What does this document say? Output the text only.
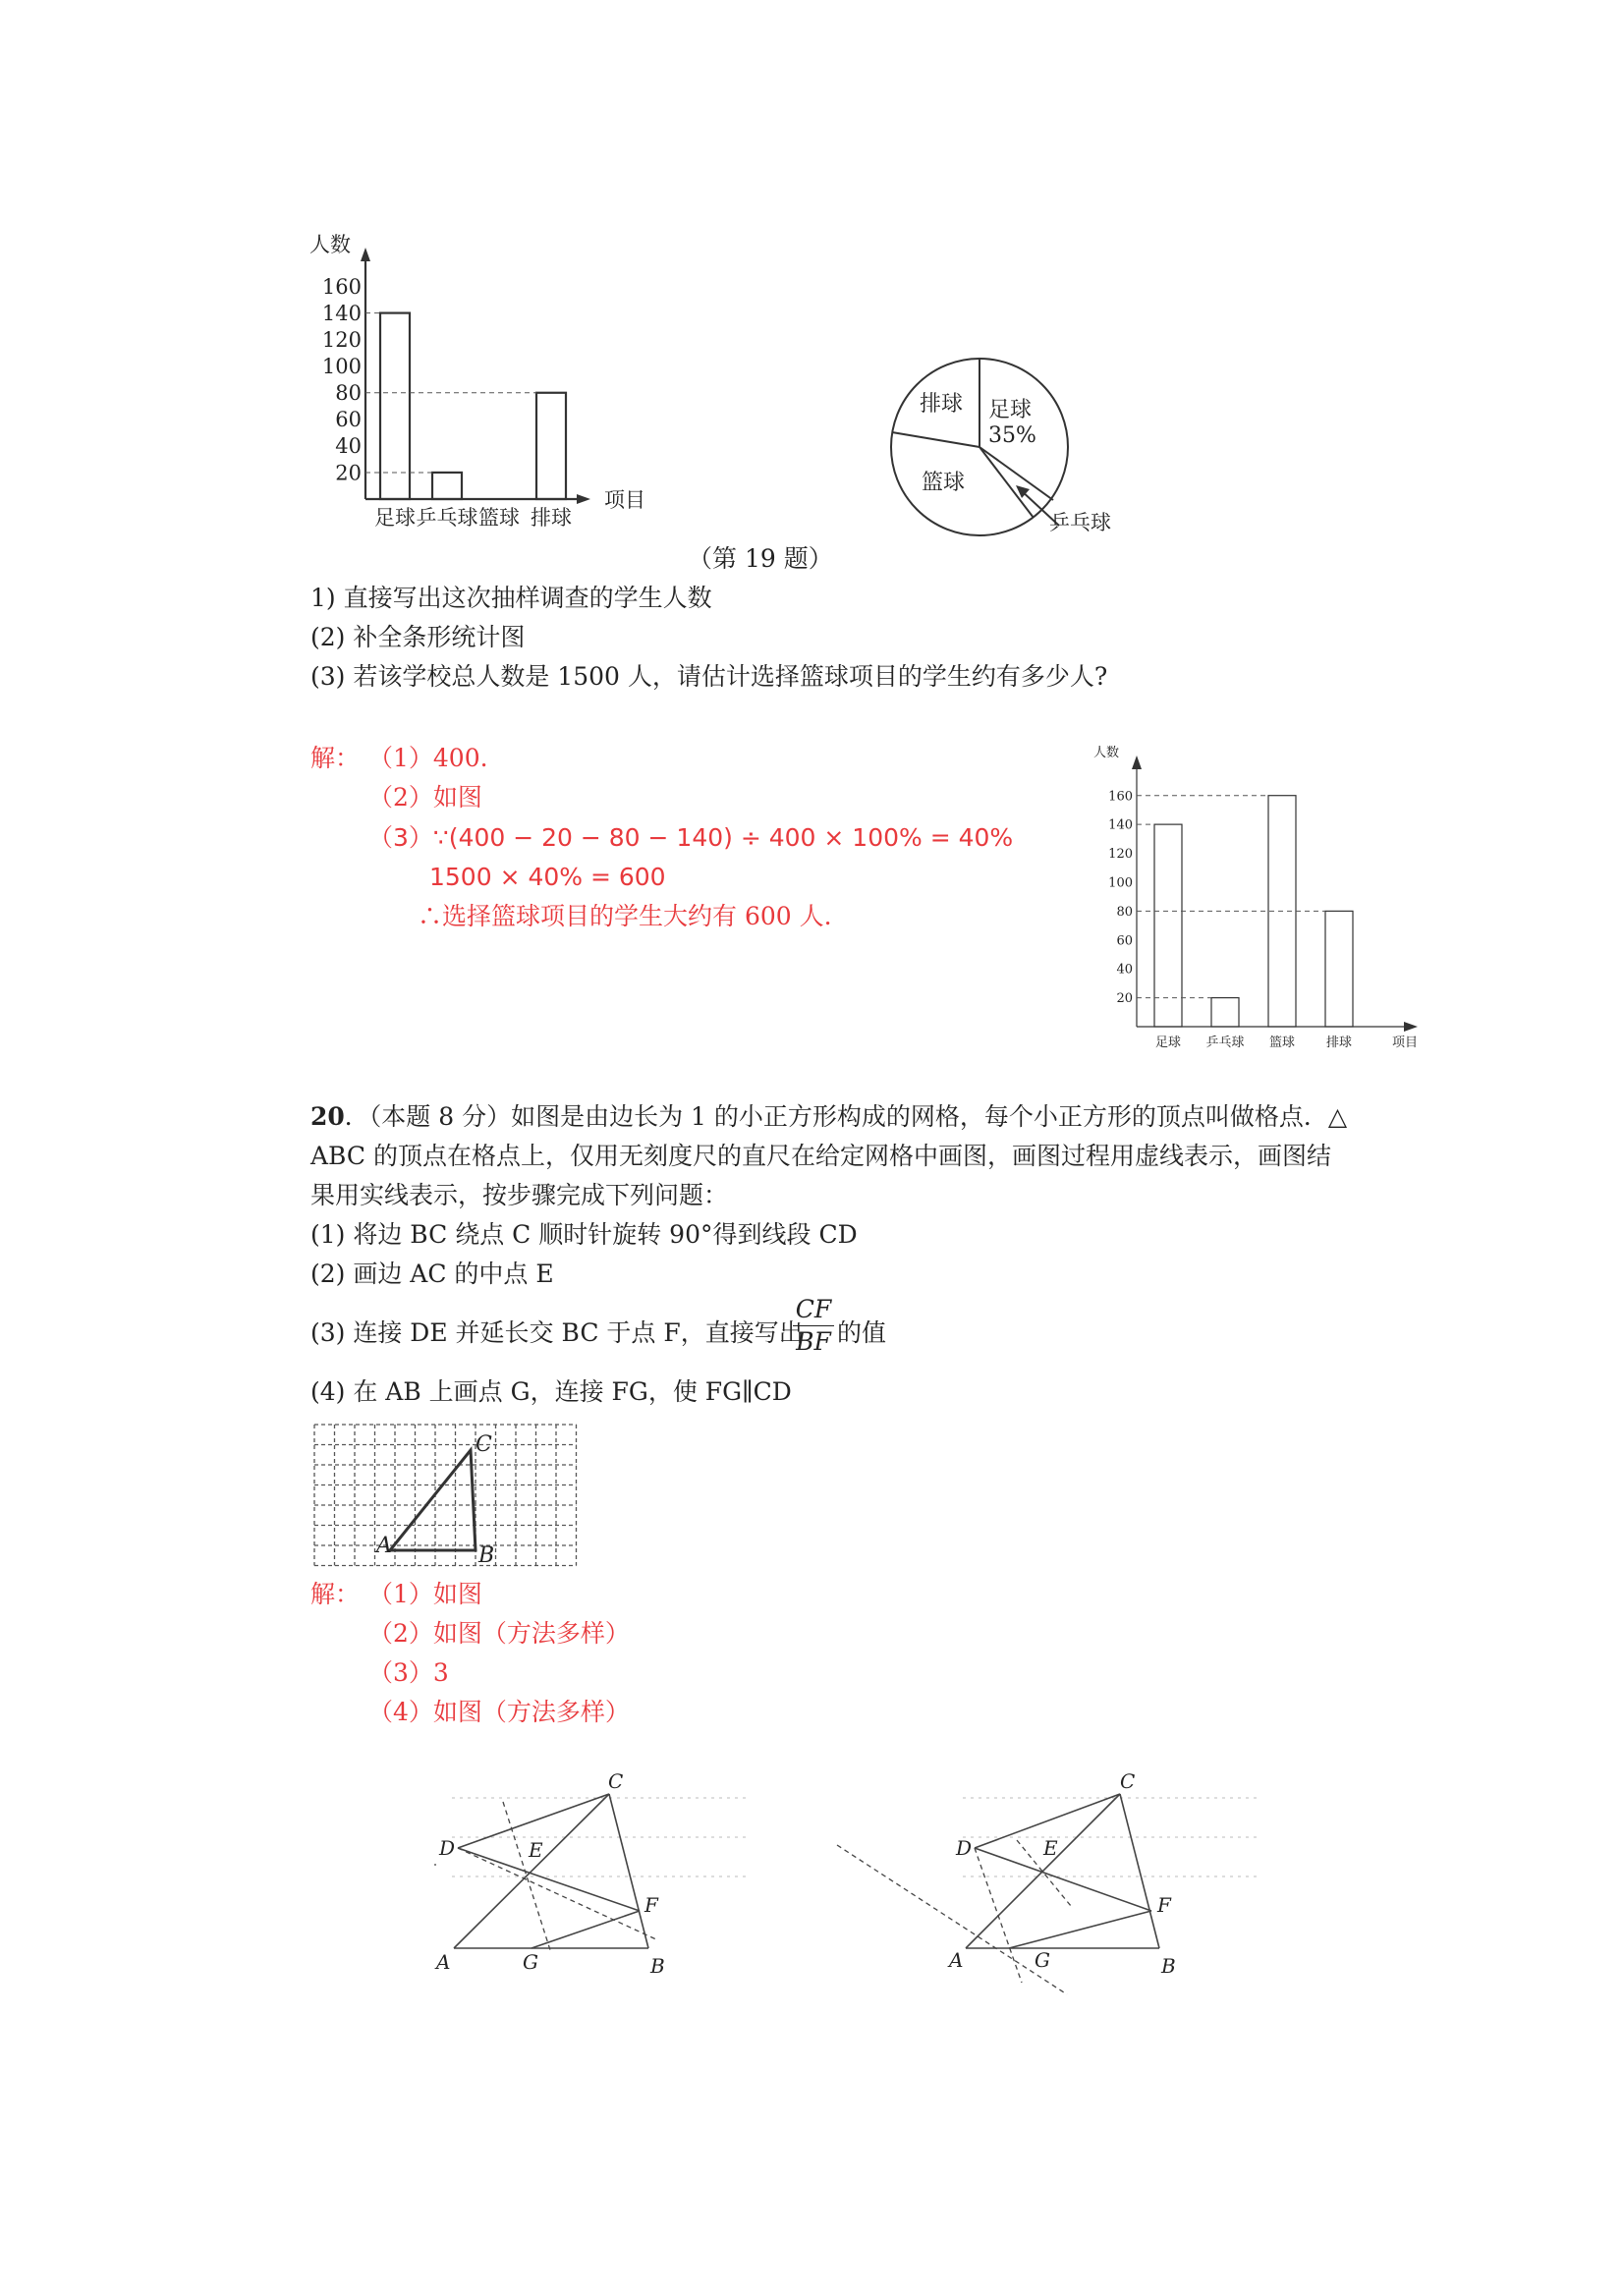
人数
项目
20
40
60
80
100
120
140
160
足球 乒乓球 篮球 排球
排球 足球
35%
篮球
乒乓球
（第 19 题）
1) 直接写出这次抽样调查的学生人数
(2) 补全条形统计图
(3) 若该学校总人数是 1500 人，请估计选择篮球项目的学生约有多少人?
解： （1）400.
（2）如图
（3）∵(400 − 20 − 80 − 140) ÷ 400 × 100% = 40%
1500 × 40% = 600
∴选择篮球项目的学生大约有 600 人.
人数
项目
20
40
60
80
100
120
140
160
足球 乒乓球 篮球 排球
20．（本题 8 分）如图是由边长为 1 的小正方形构成的网格，每个小正方形的顶点叫做格点．△
ABC 的顶点在格点上，仅用无刻度尺的直尺在给定网格中画图，画图过程用虚线表示，画图结
果用实线表示，按步骤完成下列问题：
(1) 将边 BC 绕点 C 顺时针旋转 90°得到线段 CD
(2) 画边 AC 的中点 E
(3) 连接 DE 并延长交 BC 于点 F，直接写出
CF
BF 的值
(4) 在 AB 上画点 G，连接 FG，使 FG∥CD
A	B
C
解： （1）如图
（2）如图（方法多样）
（3）3
（4）如图（方法多样）
A	B
C
D	E
F
G	A	B
C
D	E
F
G
